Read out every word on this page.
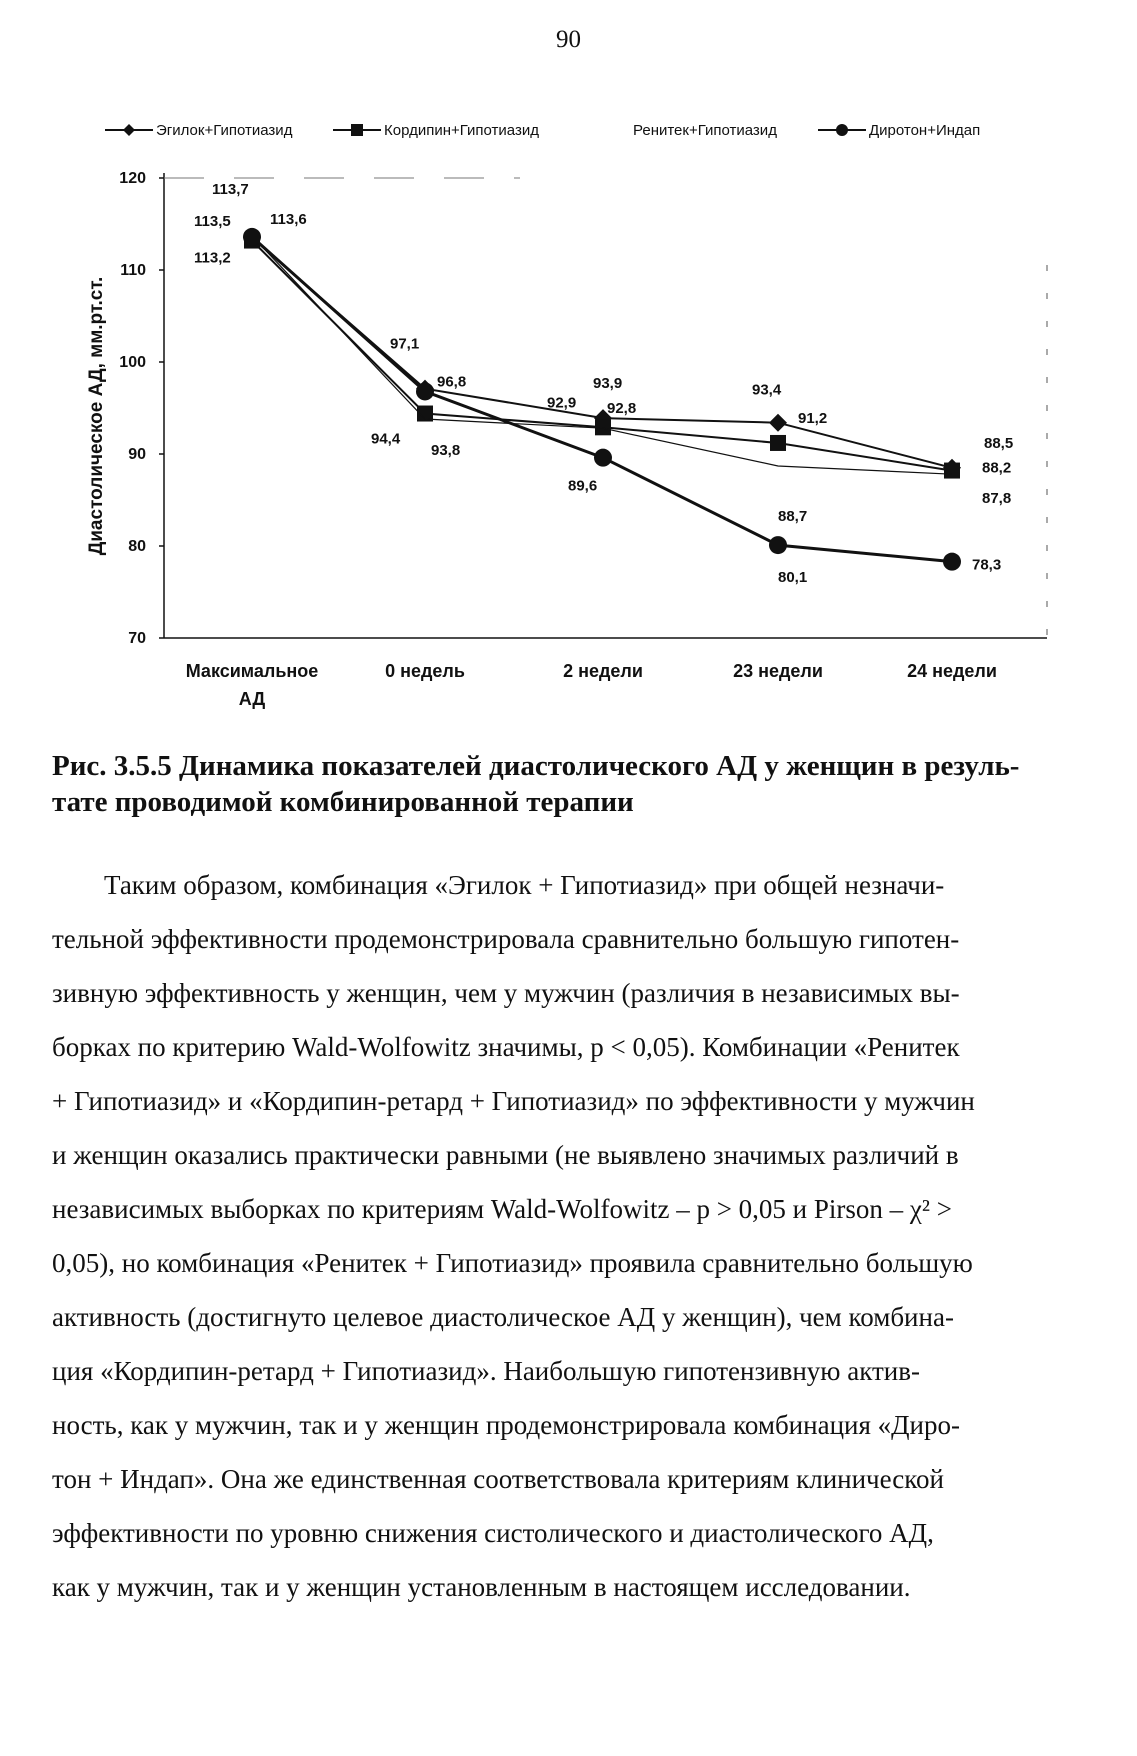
90
Эгилок+Гипотиазид	Кордипин+Гипотиазид	Ренитек+Гипотиазид	Диротон+Индап
70
80
90
100
110
120
Диастолическое АД, мм.рт.ст.
Максимальное
АД
0 недель	2 недели	23 недели	24 недели
113,5
97,1
93,9	93,4
88,5
113,2
94,4
92,9
91,2
88,2
113,7
93,8
92,8
88,7
87,8
113,6
96,8
89,6
80,1
78,3
Рис. 3.5.5 Динамика показателей диастолического АД у женщин в резуль-
тате проводимой комбинированной терапии
Таким образом, комбинация «Эгилок + Гипотиазид» при общей незначи-
тельной эффективности продемонстрировала сравнительно большую гипотен-
зивную эффективность у женщин, чем у мужчин (различия в независимых вы-
борках по критерию Wald-Wolfowitz значимы, р < 0,05). Комбинации «Ренитек
+ Гипотиазид» и «Кордипин-ретард + Гипотиазид» по эффективности у мужчин
и женщин оказались практически равными (не выявлено значимых различий в
независимых выборках по критериям Wald-Wolfowitz – p > 0,05 и Pirson – χ² >
0,05), но комбинация «Ренитек + Гипотиазид» проявила сравнительно большую
активность (достигнуто целевое диастолическое АД у женщин), чем комбина-
ция «Кордипин-ретард + Гипотиазид». Наибольшую гипотензивную актив-
ность, как у мужчин, так и у женщин продемонстрировала комбинация «Диро-
тон + Индап». Она же единственная соответствовала критериям клинической
эффективности по уровню снижения систолического и диастолического АД,
как у мужчин, так и у женщин установленным в настоящем исследовании.
